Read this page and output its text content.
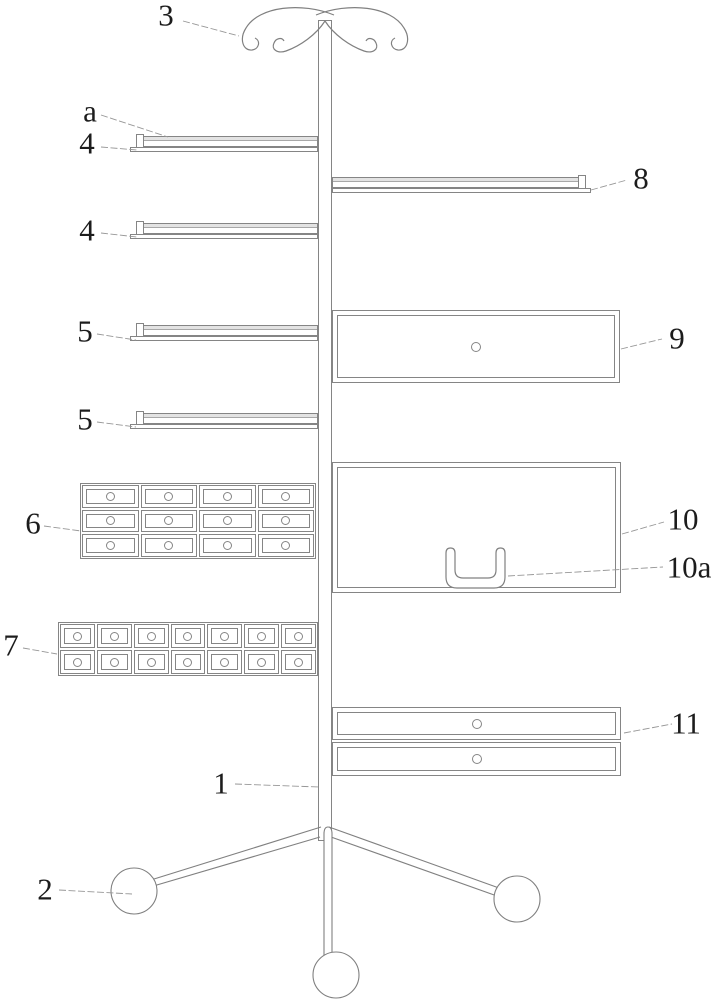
3
a
4
4
8
5
5
9
6	10
10a
7
11
1
2
